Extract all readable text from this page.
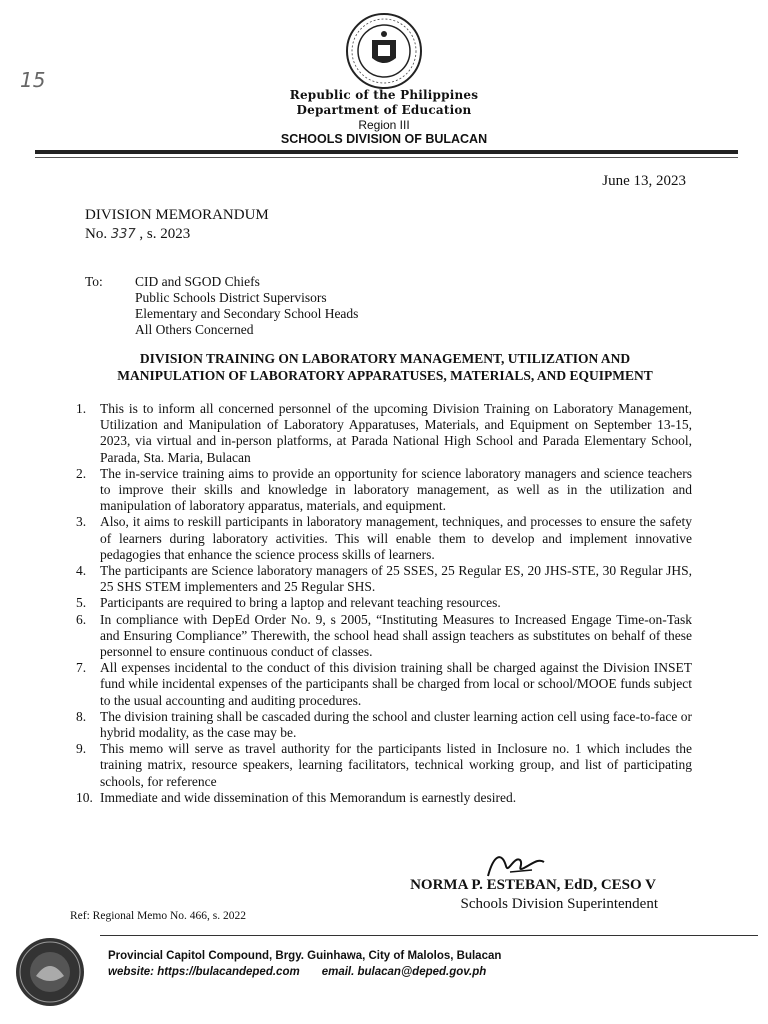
15
Republic of the Philippines
Department of Education
Region III
SCHOOLS DIVISION OF BULACAN
June 13, 2023
DIVISION MEMORANDUM
No. 337 , s. 2023
To: CID and SGOD Chiefs
Public Schools District Supervisors
Elementary and Secondary School Heads
All Others Concerned
DIVISION TRAINING ON LABORATORY MANAGEMENT, UTILIZATION AND
MANIPULATION OF LABORATORY APPARATUSES, MATERIALS, AND EQUIPMENT
1.	This is to inform all concerned personnel of the upcoming Division Training on Laboratory Management, Utilization and Manipulation of Laboratory Apparatuses, Materials, and Equipment on September 13-15, 2023, via virtual and in-person platforms, at Parada National High School and Parada Elementary School, Parada, Sta. Maria, Bulacan
2.	The in-service training aims to provide an opportunity for science laboratory managers and science teachers to improve their skills and knowledge in laboratory management, as well as in the utilization and manipulation of laboratory apparatus, materials, and equipment.
3.	Also, it aims to reskill participants in laboratory management, techniques, and processes to ensure the safety of learners during laboratory activities. This will enable them to develop and implement innovative pedagogies that enhance the science process skills of learners.
4.	The participants are Science laboratory managers of 25 SSES, 25 Regular ES, 20 JHS-STE, 30 Regular JHS, 25 SHS STEM implementers and 25 Regular SHS.
5.	Participants are required to bring a laptop and relevant teaching resources.
6.	In compliance with DepEd Order No. 9, s 2005, “Instituting Measures to Increased Engage Time-on-Task and Ensuring Compliance” Therewith, the school head shall assign teachers as substitutes on behalf of these personnel to ensure continuous conduct of classes.
7.	All expenses incidental to the conduct of this division training shall be charged against the Division INSET fund while incidental expenses of the participants shall be charged from local or school/MOOE funds subject to the usual accounting and auditing procedures.
8.	The division training shall be cascaded during the school and cluster learning action cell using face-to-face or hybrid modality, as the case may be.
9.	This memo will serve as travel authority for the participants listed in Inclosure no. 1 which includes the training matrix, resource speakers, learning facilitators, technical working group, and list of participating schools, for reference
10. Immediate and wide dissemination of this Memorandum is earnestly desired.
NORMA P. ESTEBAN, EdD, CESO V
Schools Division Superintendent
Ref: Regional Memo No. 466, s. 2022
Provincial Capitol Compound, Brgy. Guinhawa, City of Malolos, Bulacan
website: https://bulacandeped.com email. bulacan@deped.gov.ph
